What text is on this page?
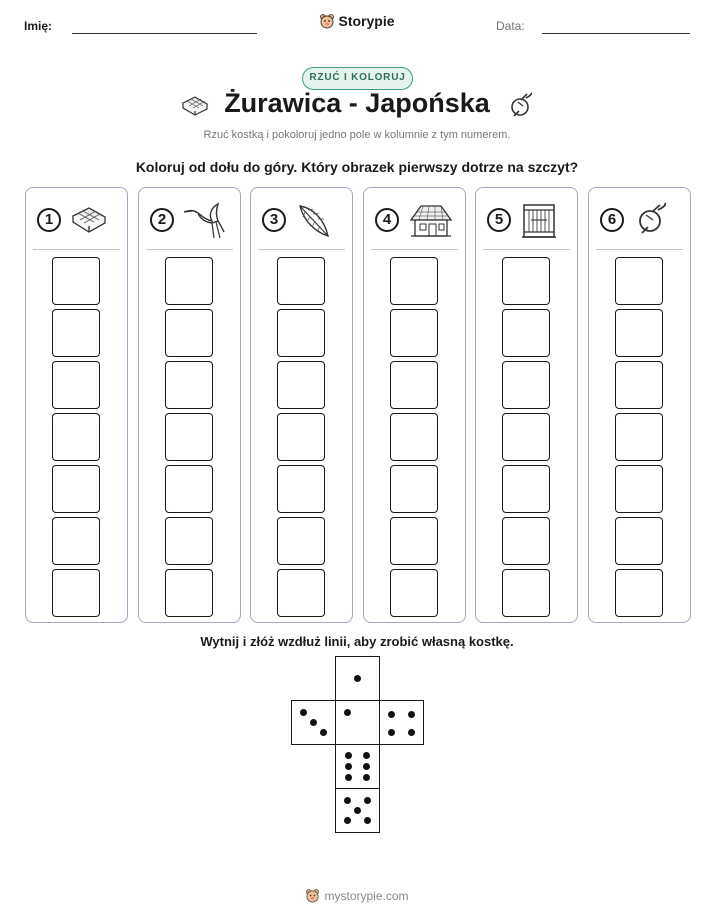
Imię:	Storypie	Data:
RZUĆ I KOLORUJ
Żurawica - Japońska
Rzuć kostką i pokoloruj jedno pole w kolumnie z tym numerem.
Koloruj od dołu do góry. Który obrazek pierwszy dotrze na szczyt?
1	2	3	4	5	6
Wytnij i złóż wzdłuż linii, aby zrobić własną kostkę.
mystorypie.com
